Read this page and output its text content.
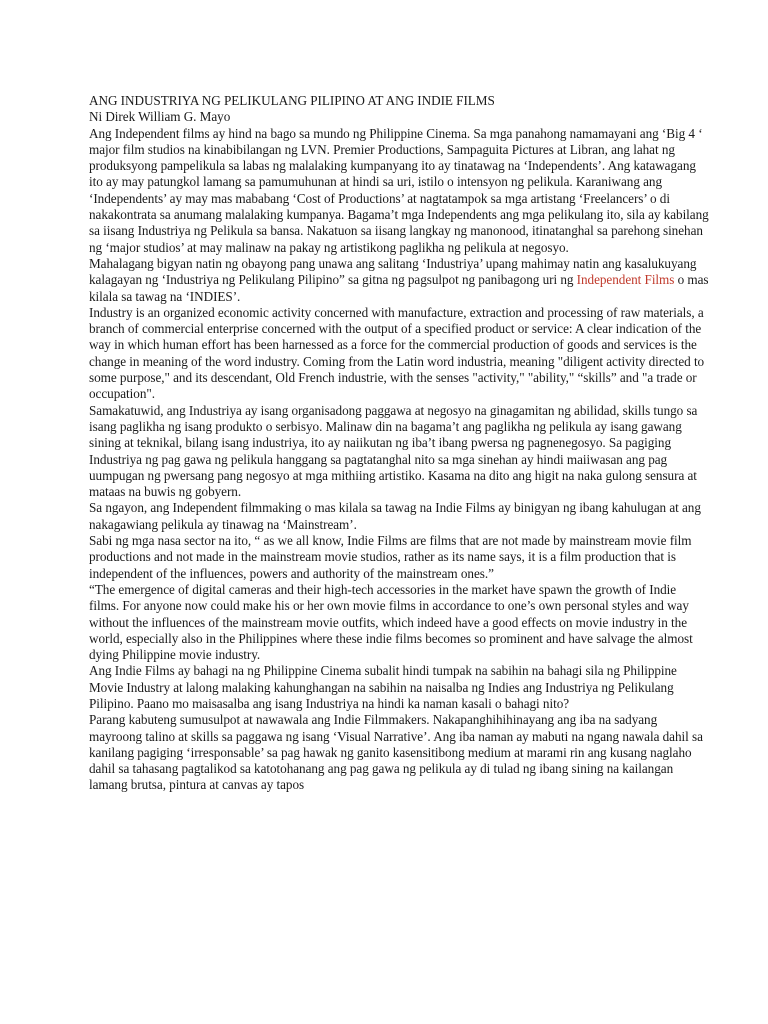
ANG INDUSTRIYA NG PELIKULANG PILIPINO AT ANG INDIE FILMS
Ni Direk William G. Mayo

Ang Independent films ay hind na bago sa mundo ng Philippine Cinema. Sa mga panahong namamayani ang ‘Big 4 ‘ major film studios na kinabibilangan ng LVN. Premier Productions, Sampaguita Pictures at Libran, ang lahat ng produksyong pampelikula sa labas ng malalaking kumpanyang ito ay tinatawag na ‘Independents’. Ang katawagang ito ay may patungkol lamang sa pamumuhunan at hindi sa uri, istilo o intensyon ng pelikula. Karaniwang ang ‘Independents’ ay may mas mababang ‘Cost of Productions’ at nagtatampok sa mga artistang ‘Freelancers’ o di nakakontrata sa anumang malalaking kumpanya. Bagama’t mga Independents ang mga pelikulang ito, sila ay kabilang sa iisang Industriya ng Pelikula sa bansa. Nakatuon sa iisang langkay ng manonood, itinatanghal sa parehong sinehan ng ‘major studios’ at may malinaw na pakay ng artistikong paglikha ng pelikula at negosyo.

Mahalagang bigyan natin ng obayong pang unawa ang salitang ‘Industriya’ upang mahimay natin ang kasalukuyang kalagayan ng ‘Industriya ng Pelikulang Pilipino” sa gitna ng pagsulpot ng panibagong uri ng Independent Films o mas kilala sa tawag na ‘INDIES’.

Industry is an organized economic activity concerned with manufacture, extraction and processing of raw materials, a branch of commercial enterprise concerned with the output of a specified product or service: A clear indication of the way in which human effort has been harnessed as a force for the commercial production of goods and services is the change in meaning of the word industry. Coming from the Latin word industria, meaning "diligent activity directed to some purpose," and its descendant, Old French industrie, with the senses "activity," "ability," “skills” and "a trade or occupation".

Samakatuwid, ang Industriya ay isang organisadong paggawa at negosyo na ginagamitan ng abilidad, skills tungo sa isang paglikha ng isang produkto o serbisyo. Malinaw din na bagama’t ang paglikha ng pelikula ay isang gawang sining at teknikal, bilang isang industriya, ito ay naiikutan ng iba’t ibang pwersa ng pagnenegosyo. Sa pagiging Industriya ng pag gawa ng pelikula hanggang sa pagtatanghal nito sa mga sinehan ay hindi maiiwasan ang pag uumpugan ng pwersang pang negosyo at mga mithiing artistiko. Kasama na dito ang higit na naka gulong sensura at mataas na buwis ng gobyern.

Sa ngayon, ang Independent filmmaking o mas kilala sa tawag na Indie Films ay binigyan ng ibang kahulugan at ang nakagawiang pelikula ay tinawag na ‘Mainstream’.

Sabi ng mga nasa sector na ito, “ as we all know, Indie Films are films that are not made by mainstream movie film productions and not made in the mainstream movie studios, rather as its name says, it is a film production that is independent of the influences, powers and authority of the mainstream ones.”

“The emergence of digital cameras and their high-tech accessories in the market have spawn the growth of Indie films. For anyone now could make his or her own movie films in accordance to one’s own personal styles and way without the influences of the mainstream movie outfits, which indeed have a good effects on movie industry in the world, especially also in the Philippines where these indie films becomes so prominent and have salvage the almost dying Philippine movie industry.

Ang Indie Films ay bahagi na ng Philippine Cinema subalit hindi tumpak na sabihin na bahagi sila ng Philippine Movie Industry at lalong malaking kahunghangan na sabihin na naisalba ng Indies ang Industriya ng Pelikulang Pilipino. Paano mo maisasalba ang isang Industriya na hindi ka naman kasali o bahagi nito?

Parang kabuteng sumusulpot at nawawala ang Indie Filmmakers. Nakapanghihihinayang ang iba na sadyang mayroong talino at skills sa paggawa ng isang ‘Visual Narrative’. Ang iba naman ay mabuti na ngang nawala dahil sa kanilang pagiging ‘irresponsable’ sa pag hawak ng ganito kasensitibong medium at marami rin ang kusang naglaho dahil sa tahasang pagtalikod sa katotohanang ang pag gawa ng pelikula ay di tulad ng ibang sining na kailangan lamang brutsa, pintura at canvas ay tapos
